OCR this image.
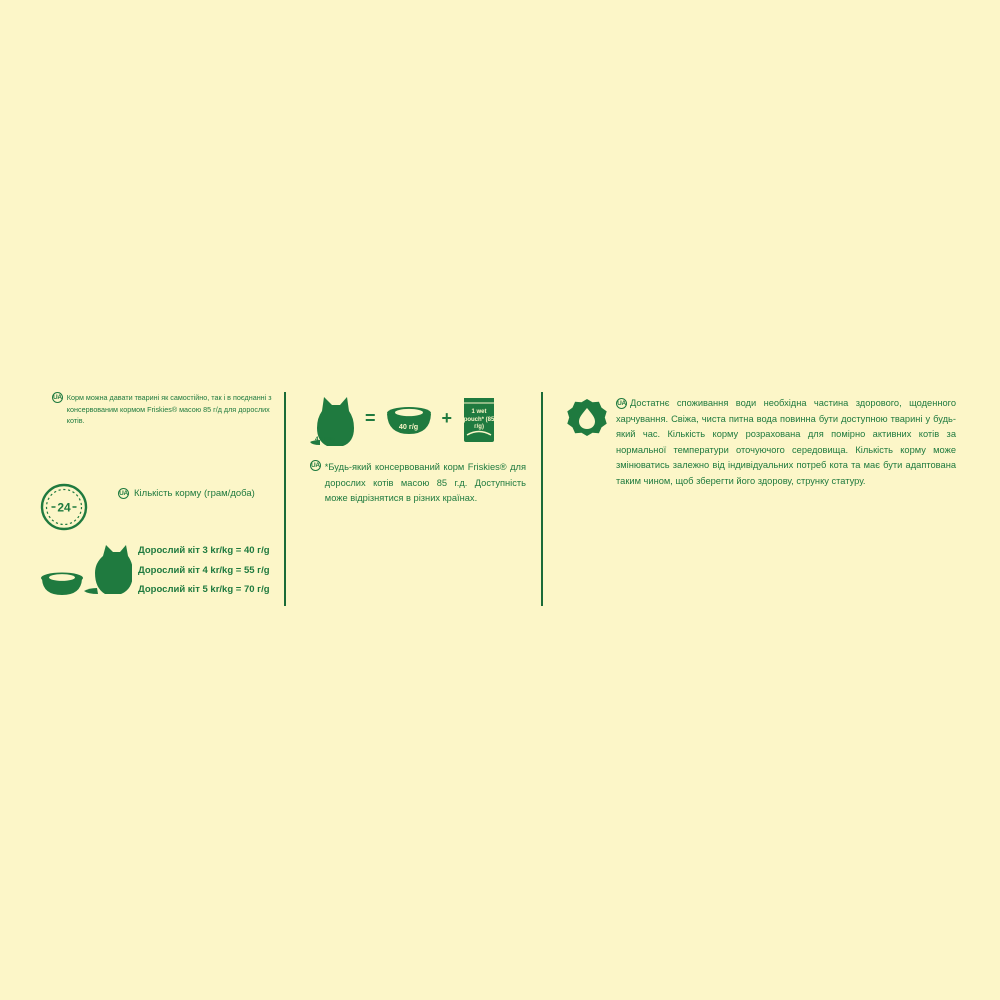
UA Корм можна давати тварині як самостійно, так і в поєднанні з консервованим кормом Friskies® масою 85 г/д для дорослих котів.

24
UA Кількість корму (грам/доба)
Дорослий кіт 3 kr/kg = 40 г/g
Дорослий кіт 4 kr/kg = 55 г/g
Дорослий кіт 5 kr/kg = 70 г/g
4 kr/kg
=	40 г/g	+	1 wet pouch* (85 г/g)
UA *Будь-який консервований корм Friskies® для дорослих котів масою 85 г.д. Доступність може відрізнятися в різних країнах.

UA Достатнє споживання води необхідна частина здорового, щоденного харчування. Свіжа, чиста питна вода повинна бути доступною тварині у будь-який час. Кількість корму розрахована для помірно активних котів за нормальної температури оточуючого середовища. Кількість корму може змінюватись залежно від індивідуальних потреб кота та має бути адаптована таким чином, щоб зберегти його здорову, струнку статуру.
